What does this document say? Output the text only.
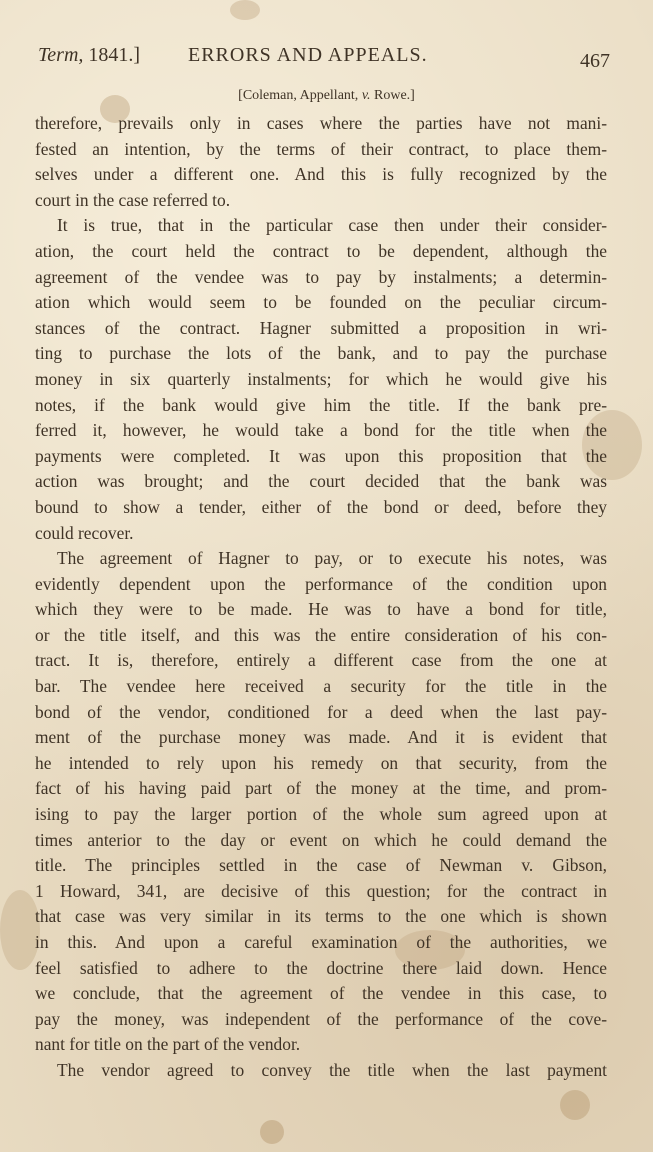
Term, 1841.] ERRORS AND APPEALS.	467
[Coleman, Appellant, v. Rowe.]
therefore, prevails only in cases where the parties have not mani-
fested an intention, by the terms of their contract, to place them-
selves under a different one. And this is fully recognized by the
court in the case referred to.
It is true, that in the particular case then under their consider-
ation, the court held the contract to be dependent, although the
agreement of the vendee was to pay by instalments; a determin-
ation which would seem to be founded on the peculiar circum-
stances of the contract. Hagner submitted a proposition in wri-
ting to purchase the lots of the bank, and to pay the purchase
money in six quarterly instalments; for which he would give his
notes, if the bank would give him the title. If the bank pre-
ferred it, however, he would take a bond for the title when the
payments were completed. It was upon this proposition that the
action was brought; and the court decided that the bank was
bound to show a tender, either of the bond or deed, before they
could recover.
The agreement of Hagner to pay, or to execute his notes, was
evidently dependent upon the performance of the condition upon
which they were to be made. He was to have a bond for title,
or the title itself, and this was the entire consideration of his con-
tract. It is, therefore, entirely a different case from the one at
bar. The vendee here received a security for the title in the
bond of the vendor, conditioned for a deed when the last pay-
ment of the purchase money was made. And it is evident that
he intended to rely upon his remedy on that security, from the
fact of his having paid part of the money at the time, and prom-
ising to pay the larger portion of the whole sum agreed upon at
times anterior to the day or event on which he could demand the
title. The principles settled in the case of Newman v. Gibson,
1 Howard, 341, are decisive of this question; for the contract in
that case was very similar in its terms to the one which is shown
in this. And upon a careful examination of the authorities, we
feel satisfied to adhere to the doctrine there laid down. Hence
we conclude, that the agreement of the vendee in this case, to
pay the money, was independent of the performance of the cove-
nant for title on the part of the vendor.
The vendor agreed to convey the title when the last payment
